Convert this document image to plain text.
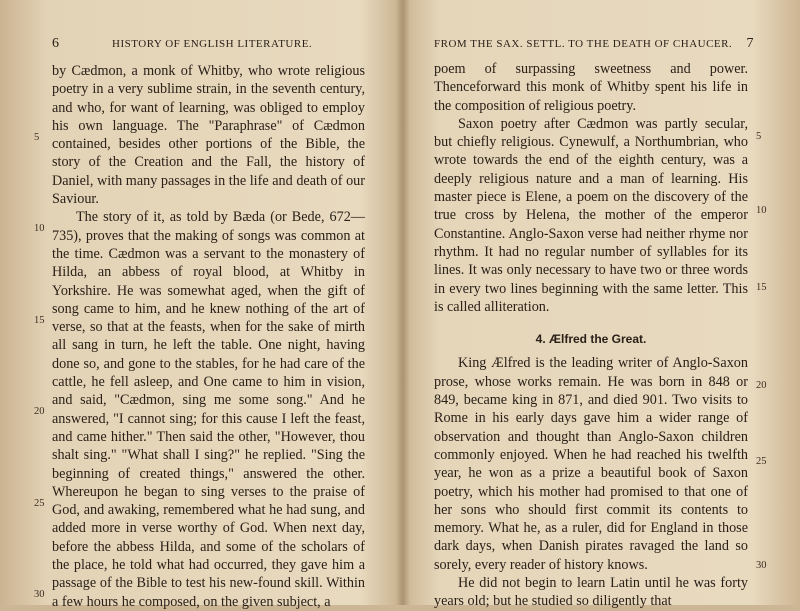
6	HISTORY OF ENGLISH LITERATURE.

by Cædmon, a monk of Whitby, who wrote religious poetry in a very sublime strain, in the seventh century, and who, for want of learning, was obliged to employ his own language. The "Paraphrase" of Cædmon contained, besides other portions of the Bible, the story of the Creation and the Fall, the history of Daniel, with many passages in the life and death of our Saviour.

The story of it, as told by Bæda (or Bede, 672—735), proves that the making of songs was common at the time. Cædmon was a servant to the monastery of Hilda, an abbess of royal blood, at Whitby in Yorkshire. He was somewhat aged, when the gift of song came to him, and he knew nothing of the art of verse, so that at the feasts, when for the sake of mirth all sang in turn, he left the table. One night, having done so, and gone to the stables, for he had care of the cattle, he fell asleep, and One came to him in vision, and said, "Cædmon, sing me some song." And he answered, "I cannot sing; for this cause I left the feast, and came hither." Then said the other, "However, thou shalt sing." "What shall I sing?" he replied. "Sing the beginning of created things," answered the other. Whereupon he began to sing verses to the praise of God, and awaking, remembered what he had sung, and added more in verse worthy of God. When next day, before the abbess Hilda, and some of the scholars of the place, he told what had occurred, they gave him a passage of the Bible to test his new-found skill. Within a few hours he composed, on the given subject, a

5
10
15
20
25
30
FROM THE SAX. SETTL. TO THE DEATH OF CHAUCER. 7

poem of surpassing sweetness and power. Thenceforward this monk of Whitby spent his life in the composition of religious poetry.

Saxon poetry after Cædmon was partly secular, but chiefly religious. Cynewulf, a Northumbrian, who wrote towards the end of the eighth century, was a deeply religious nature and a man of learning. His master piece is Elene, a poem on the discovery of the true cross by Helena, the mother of the emperor Constantine. Anglo-Saxon verse had neither rhyme nor rhythm. It had no regular number of syllables for its lines. It was only necessary to have two or three words in every two lines beginning with the same letter. This is called alliteration.

4. Ælfred the Great.

King Ælfred is the leading writer of Anglo-Saxon prose, whose works remain. He was born in 848 or 849, became king in 871, and died 901. Two visits to Rome in his early days gave him a wider range of observation and thought than Anglo-Saxon children commonly enjoyed. When he had reached his twelfth year, he won as a prize a beautiful book of Saxon poetry, which his mother had promised to that one of her sons who should first commit its contents to memory. What he, as a ruler, did for England in those dark days, when Danish pirates ravaged the land so sorely, every reader of history knows.

He did not begin to learn Latin until he was forty years old; but he studied so diligently that

5
10
15
20
25
30
